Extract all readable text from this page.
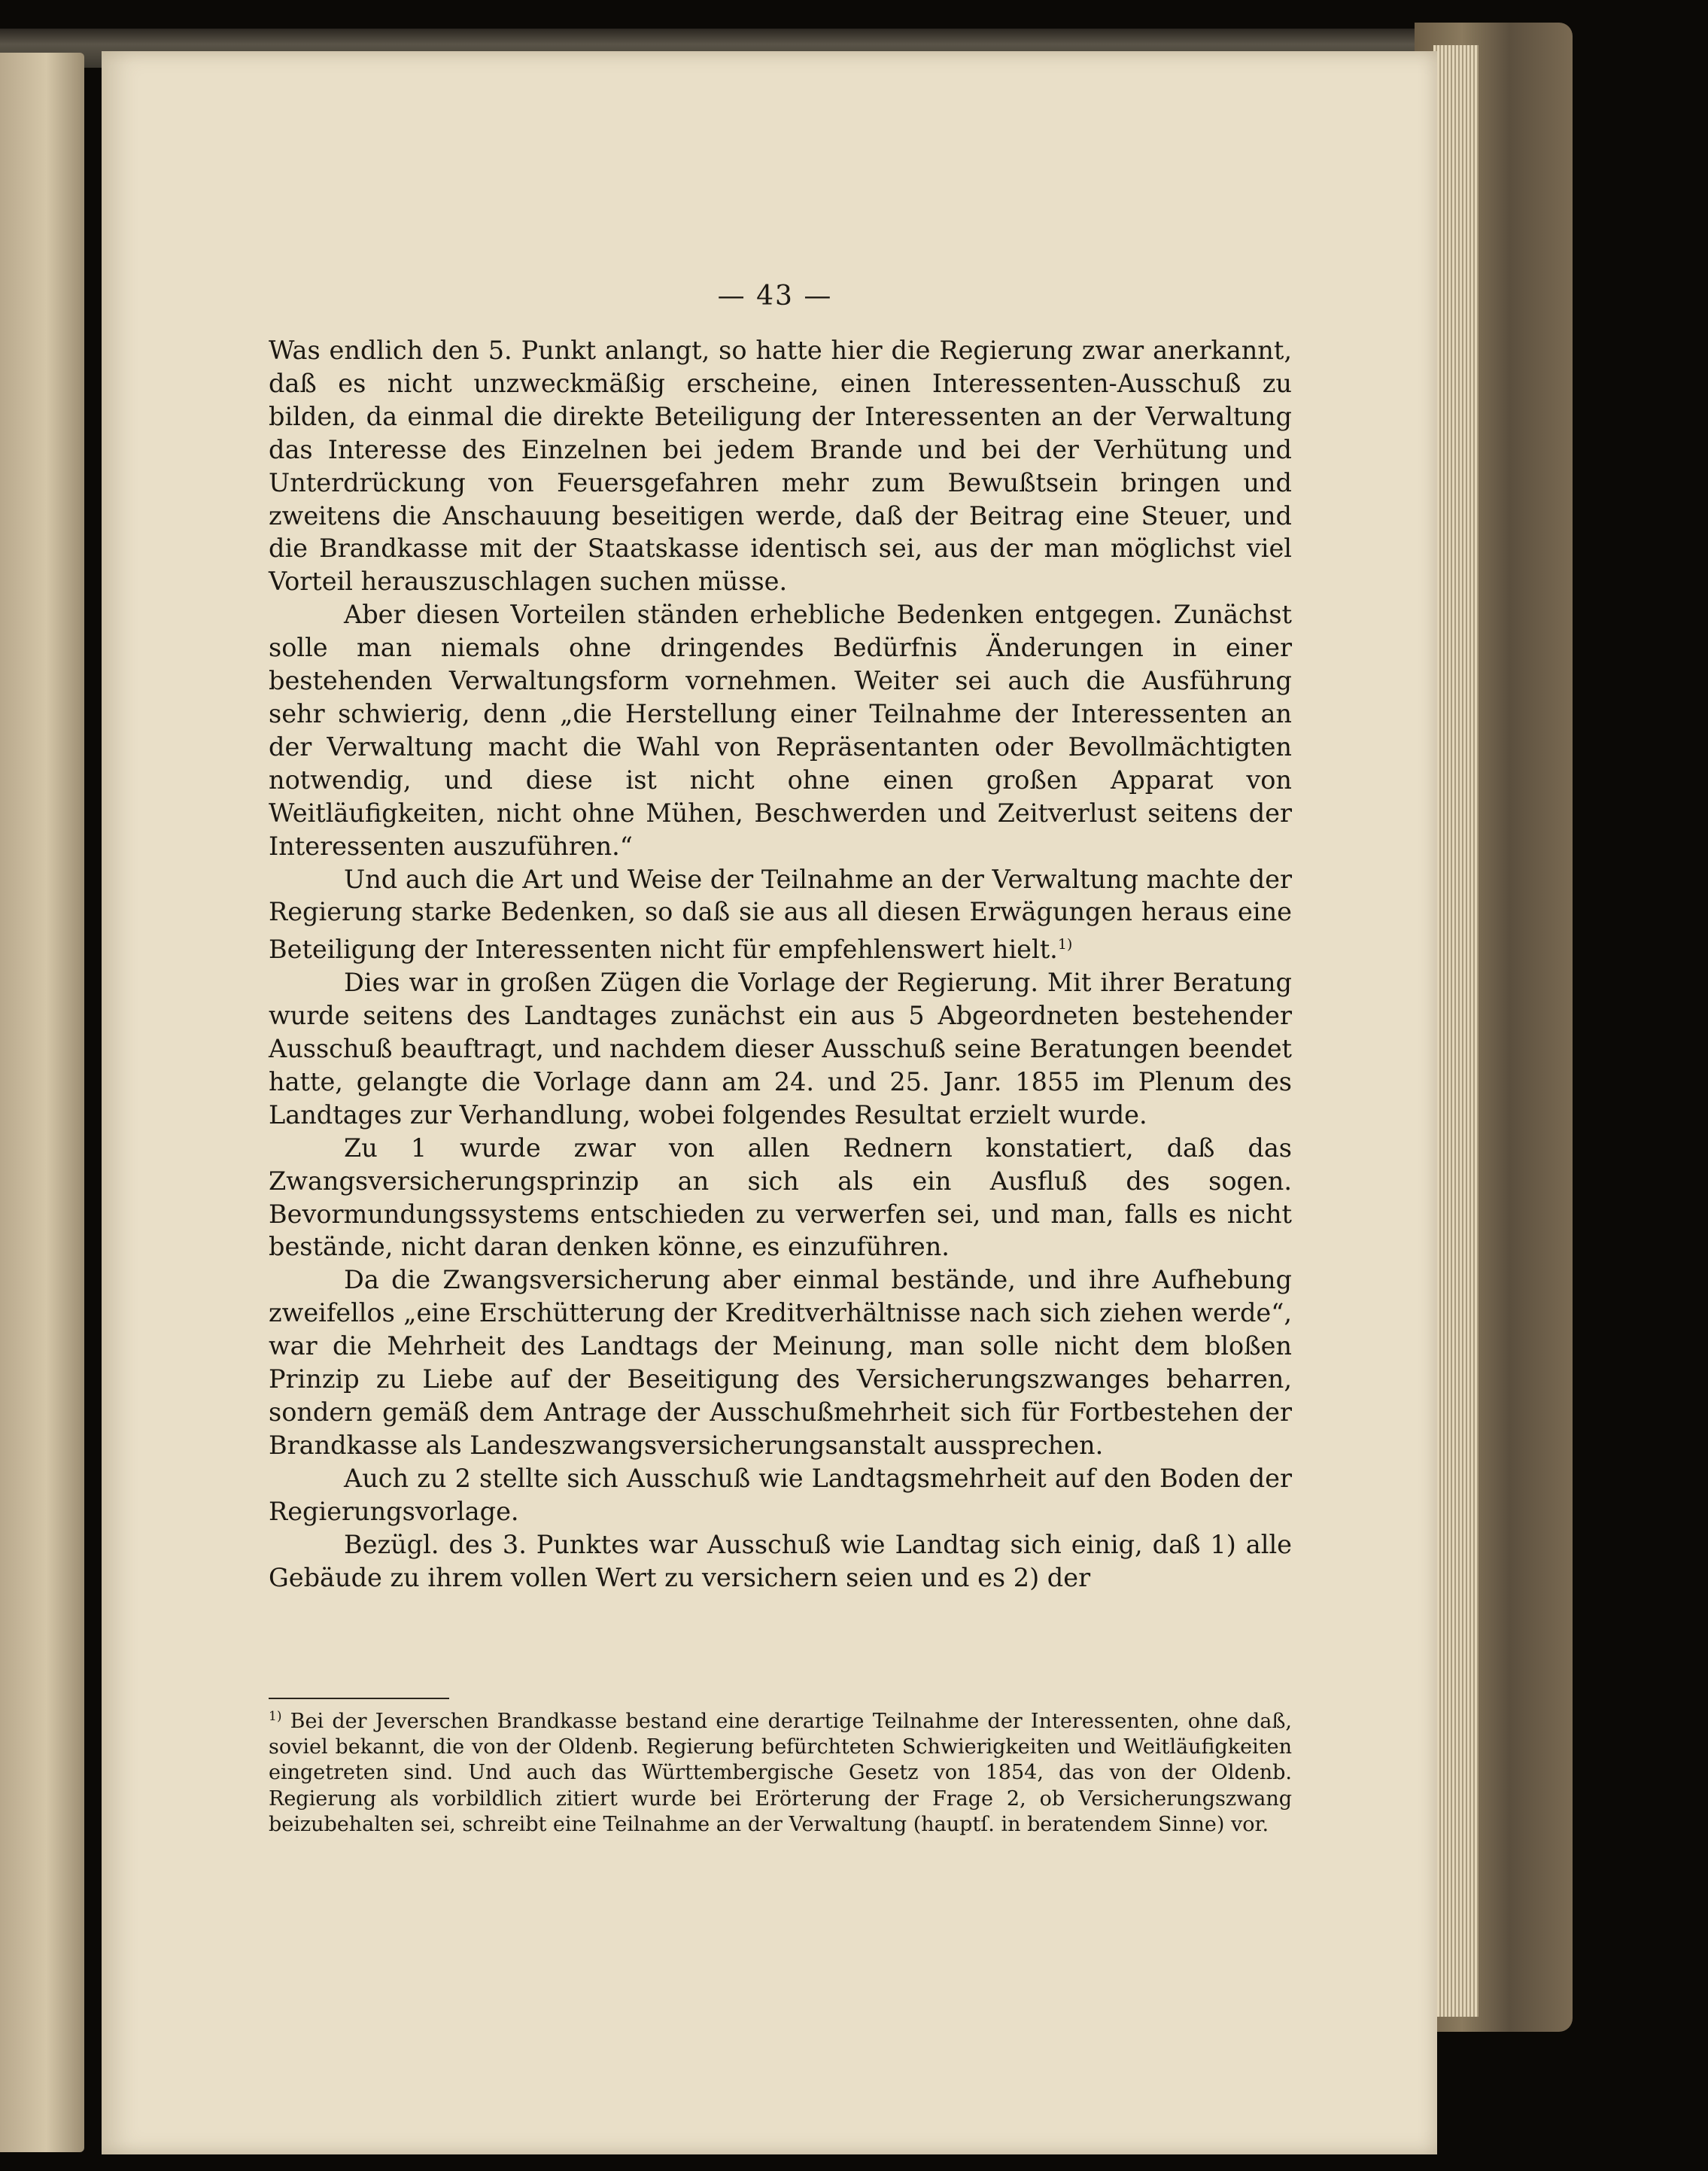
— 43 —

Was endlich den 5. Punkt anlangt, so hatte hier die Regierung zwar anerkannt, daß es nicht unzweckmäßig erscheine, einen Interessenten-Ausschuß zu bilden, da einmal die direkte Beteiligung der Interessenten an der Verwaltung das Interesse des Einzelnen bei jedem Brande und bei der Verhütung und Unterdrückung von Feuersgefahren mehr zum Bewußtsein bringen und zweitens die Anschauung beseitigen werde, daß der Beitrag eine Steuer, und die Brandkasse mit der Staatskasse identisch sei, aus der man möglichst viel Vorteil herauszuschlagen suchen müsse.

Aber diesen Vorteilen ständen erhebliche Bedenken entgegen. Zunächst solle man niemals ohne dringendes Bedürfnis Änderungen in einer bestehenden Verwaltungsform vornehmen. Weiter sei auch die Ausführung sehr schwierig, denn „die Herstellung einer Teilnahme der Interessenten an der Verwaltung macht die Wahl von Repräsentanten oder Bevollmächtigten notwendig, und diese ist nicht ohne einen großen Apparat von Weitläufigkeiten, nicht ohne Mühen, Beschwerden und Zeitverlust seitens der Interessenten auszuführen.“

Und auch die Art und Weise der Teilnahme an der Verwaltung machte der Regierung starke Bedenken, so daß sie aus all diesen Erwägungen heraus eine Beteiligung der Interessenten nicht für empfehlenswert hielt.$^{1)}$

Dies war in großen Zügen die Vorlage der Regierung. Mit ihrer Beratung wurde seitens des Landtages zunächst ein aus 5 Abgeordneten bestehender Ausschuß beauftragt, und nachdem dieser Ausschuß seine Beratungen beendet hatte, gelangte die Vorlage dann am 24. und 25. Janr. 1855 im Plenum des Landtages zur Verhandlung, wobei folgendes Resultat erzielt wurde.

Zu 1 wurde zwar von allen Rednern konstatiert, daß das Zwangsversicherungsprinzip an sich als ein Ausfluß des sogen. Bevormundungssystems entschieden zu verwerfen sei, und man, falls es nicht bestände, nicht daran denken könne, es einzuführen.

Da die Zwangsversicherung aber einmal bestände, und ihre Aufhebung zweifellos „eine Erschütterung der Kreditverhältnisse nach sich ziehen werde“, war die Mehrheit des Landtags der Meinung, man solle nicht dem bloßen Prinzip zu Liebe auf der Beseitigung des Versicherungszwanges beharren, sondern gemäß dem Antrage der Ausschußmehrheit sich für Fortbestehen der Brandkasse als Landeszwangsversicherungsanstalt aussprechen.

Auch zu 2 stellte sich Ausschuß wie Landtagsmehrheit auf den Boden der Regierungsvorlage.

Bezügl. des 3. Punktes war Ausschuß wie Landtag sich einig, daß 1) alle Gebäude zu ihrem vollen Wert zu versichern seien und es 2) der

$^{1)}$ Bei der Jeverschen Brandkasse bestand eine derartige Teilnahme der Interessenten, ohne daß, soviel bekannt, die von der Oldenb. Regierung befürchteten Schwierigkeiten und Weitläufigkeiten eingetreten sind. Und auch das Württembergische Gesetz von 1854, das von der Oldenb. Regierung als vorbildlich zitiert wurde bei Erörterung der Frage 2, ob Versicherungszwang beizubehalten sei, schreibt eine Teilnahme an der Verwaltung (hauptſ. in beratendem Sinne) vor.
